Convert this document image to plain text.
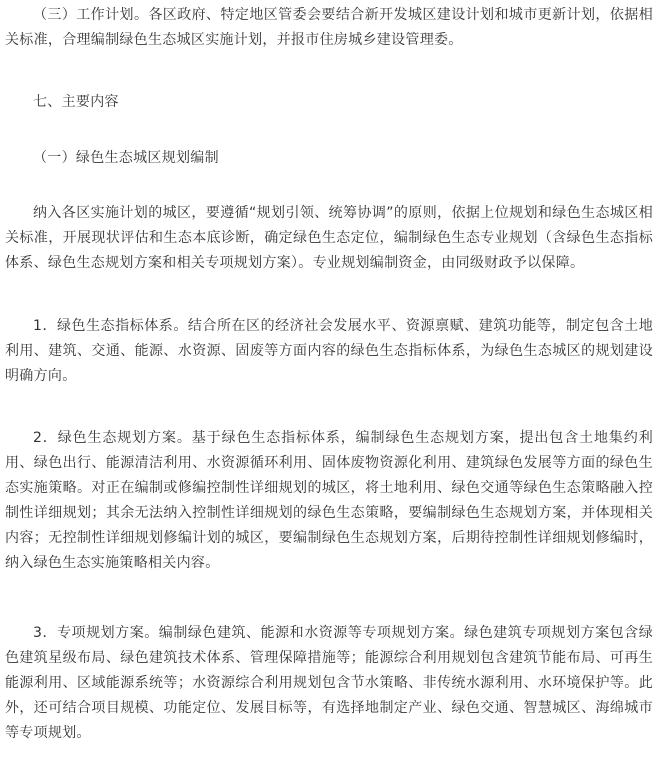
（三）工作计划。各区政府、特定地区管委会要结合新开发城区建设计划和城市更新计划，依据相关标准，合理编制绿色生态城区实施计划，并报市住房城乡建设管理委。

七、主要内容

（一）绿色生态城区规划编制

纳入各区实施计划的城区，要遵循“规划引领、统筹协调”的原则，依据上位规划和绿色生态城区相关标准，开展现状评估和生态本底诊断，确定绿色生态定位，编制绿色生态专业规划（含绿色生态指标体系、绿色生态规划方案和相关专项规划方案）。专业规划编制资金，由同级财政予以保障。

1．绿色生态指标体系。结合所在区的经济社会发展水平、资源禀赋、建筑功能等，制定包含土地利用、建筑、交通、能源、水资源、固废等方面内容的绿色生态指标体系，为绿色生态城区的规划建设明确方向。

2．绿色生态规划方案。基于绿色生态指标体系，编制绿色生态规划方案，提出包含土地集约利用、绿色出行、能源清洁利用、水资源循环利用、固体废物资源化利用、建筑绿色发展等方面的绿色生态实施策略。对正在编制或修编控制性详细规划的城区，将土地利用、绿色交通等绿色生态策略融入控制性详细规划；其余无法纳入控制性详细规划的绿色生态策略，要编制绿色生态规划方案，并体现相关内容；无控制性详细规划修编计划的城区，要编制绿色生态规划方案，后期待控制性详细规划修编时，纳入绿色生态实施策略相关内容。

3．专项规划方案。编制绿色建筑、能源和水资源等专项规划方案。绿色建筑专项规划方案包含绿色建筑星级布局、绿色建筑技术体系、管理保障措施等；能源综合利用规划包含建筑节能布局、可再生能源利用、区域能源系统等；水资源综合利用规划包含节水策略、非传统水源利用、水环境保护等。此外，还可结合项目规模、功能定位、发展目标等，有选择地制定产业、绿色交通、智慧城区、海绵城市等专项规划。
